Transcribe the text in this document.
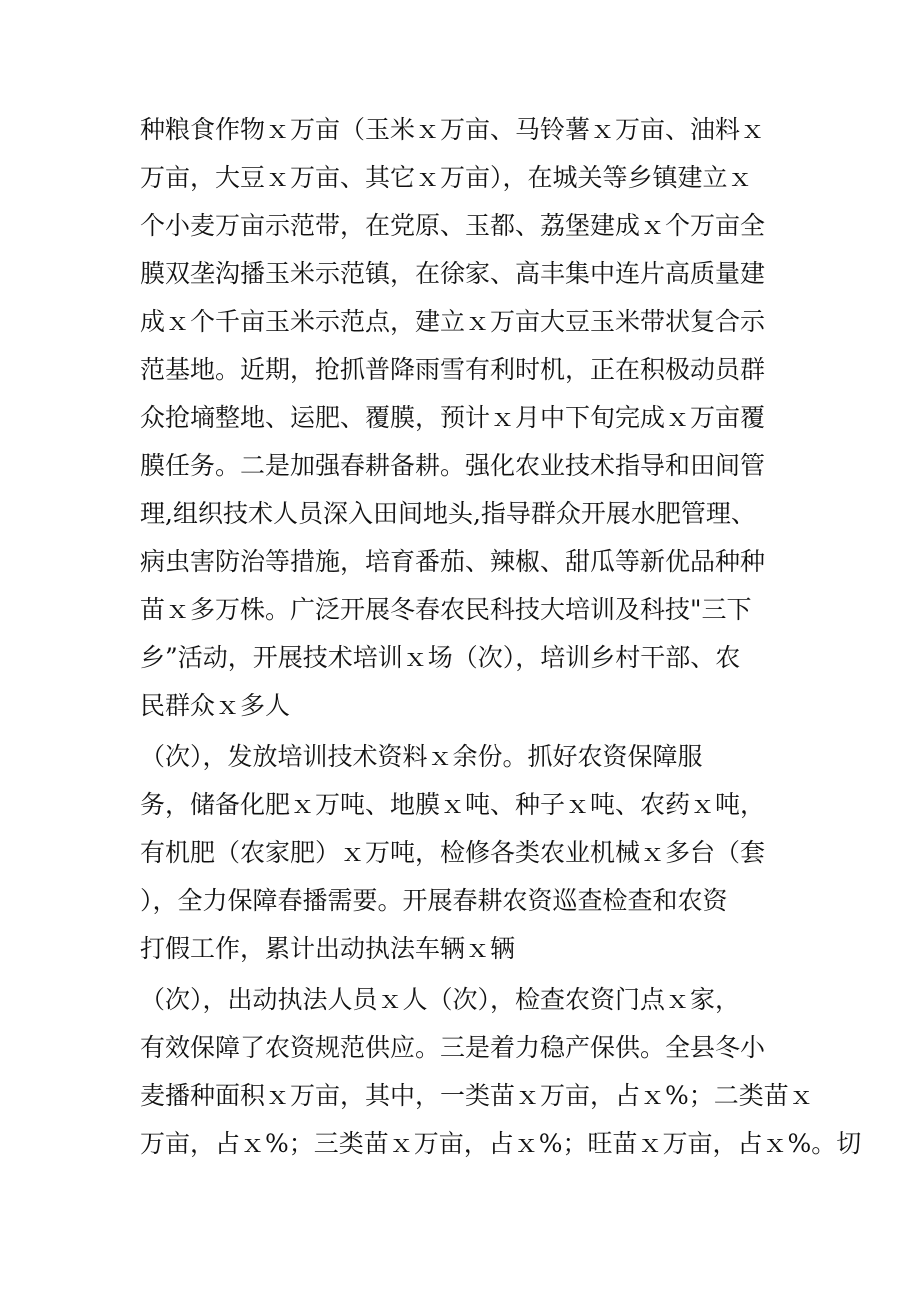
种粮食作物ｘ万亩（玉米ｘ万亩、马铃薯ｘ万亩、油料ｘ
万亩，大豆ｘ万亩、其它ｘ万亩），在城关等乡镇建立ｘ
个小麦万亩示范带，在党原、玉都、荔堡建成ｘ个万亩全
膜双垄沟播玉米示范镇，在徐家、高丰集中连片高质量建
成ｘ个千亩玉米示范点，建立ｘ万亩大豆玉米带状复合示
范基地。近期，抢抓普降雨雪有利时机，正在积极动员群
众抢墒整地、运肥、覆膜，预计ｘ月中下旬完成ｘ万亩覆
膜任务。二是加强春耕备耕。强化农业技术指导和田间管
理,组织技术人员深入田间地头,指导群众开展水肥管理、
病虫害防治等措施，培育番茄、辣椒、甜瓜等新优品种种
苗ｘ多万株。广泛开展冬春农民科技大培训及科技"三下
乡”活动，开展技术培训ｘ场（次），培训乡村干部、农
民群众ｘ多人
（次），发放培训技术资料ｘ余份。抓好农资保障服
务，储备化肥ｘ万吨、地膜ｘ吨、种子ｘ吨、农药ｘ吨，
有机肥（农家肥）ｘ万吨，检修各类农业机械ｘ多台（套
），全力保障春播需要。开展春耕农资巡查检查和农资
打假工作，累计出动执法车辆ｘ辆
（次），出动执法人员ｘ人（次），检查农资门点ｘ家，
有效保障了农资规范供应。三是着力稳产保供。全县冬小
麦播种面积ｘ万亩，其中，一类苗ｘ万亩，占ｘ%；二类苗ｘ
万亩，占ｘ%；三类苗ｘ万亩，占ｘ%；旺苗ｘ万亩，占ｘ%。切
